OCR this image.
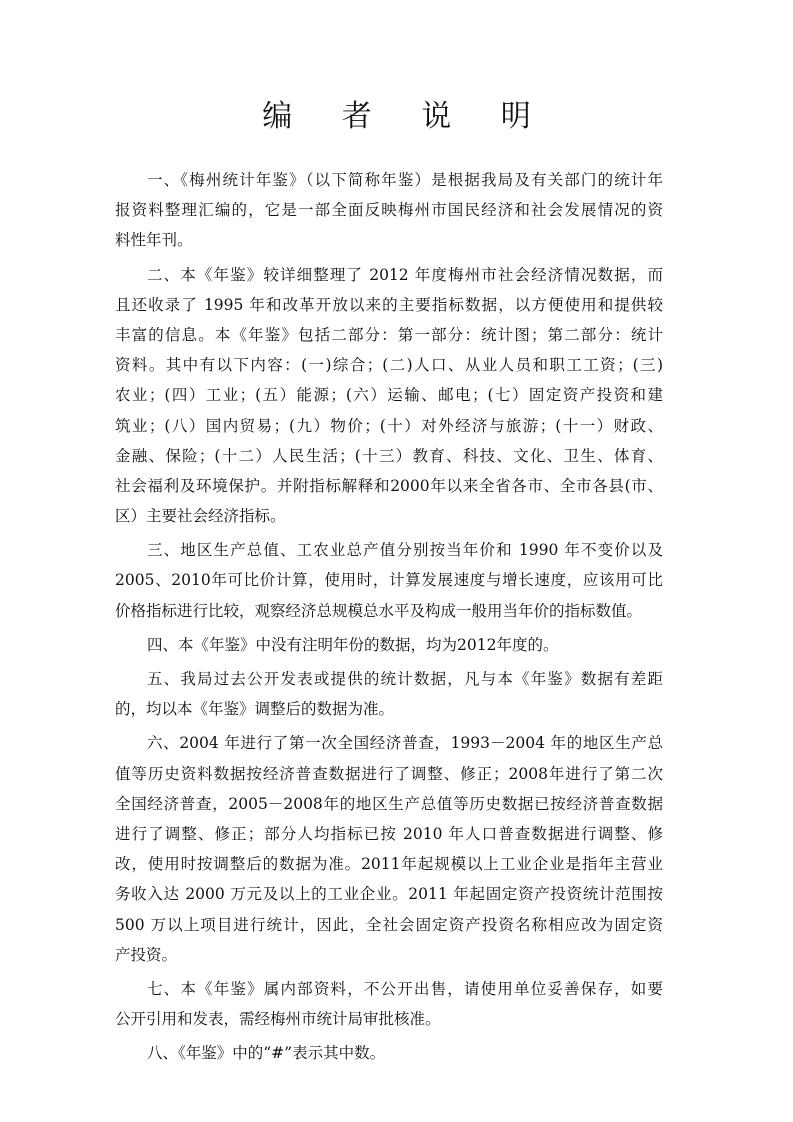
编 者 说 明
一、《梅州统计年鉴》（以下简称年鉴）是根据我局及有关部门的统计年
报资料整理汇编的，它是一部全面反映梅州市国民经济和社会发展情况的资
料性年刊。
二、本《年鉴》较详细整理了 2012 年度梅州市社会经济情况数据，而
且还收录了 1995 年和改革开放以来的主要指标数据，以方便使用和提供较
丰富的信息。本《年鉴》包括二部分：第一部分：统计图；第二部分：统计
资料。其中有以下内容：(一)综合；(二)人口、从业人员和职工工资；(三)
农业；(四）工业；(五）能源；(六）运输、邮电；(七）固定资产投资和建
筑业；(八）国内贸易；(九）物价；(十）对外经济与旅游；(十一）财政、
金融、保险；(十二）人民生活；(十三）教育、科技、文化、卫生、体育、
社会福利及环境保护。并附指标解释和2000年以来全省各市、全市各县(市、
区）主要社会经济指标。
三、地区生产总值、工农业总产值分别按当年价和 1990 年不变价以及
2005、2010年可比价计算，使用时，计算发展速度与增长速度，应该用可比
价格指标进行比较，观察经济总规模总水平及构成一般用当年价的指标数值。
四、本《年鉴》中没有注明年份的数据，均为2012年度的。
五、我局过去公开发表或提供的统计数据，凡与本《年鉴》数据有差距
的，均以本《年鉴》调整后的数据为准。
六、2004 年进行了第一次全国经济普查，1993－2004 年的地区生产总
值等历史资料数据按经济普查数据进行了调整、修正；2008年进行了第二次
全国经济普查，2005－2008年的地区生产总值等历史数据已按经济普查数据
进行了调整、修正；部分人均指标已按 2010 年人口普查数据进行调整、修
改，使用时按调整后的数据为准。2011年起规模以上工业企业是指年主营业
务收入达 2000 万元及以上的工业企业。2011 年起固定资产投资统计范围按
500 万以上项目进行统计，因此，全社会固定资产投资名称相应改为固定资
产投资。
七、本《年鉴》属内部资料，不公开出售，请使用单位妥善保存，如要
公开引用和发表，需经梅州市统计局审批核准。
八、《年鉴》中的“#”表示其中数。
